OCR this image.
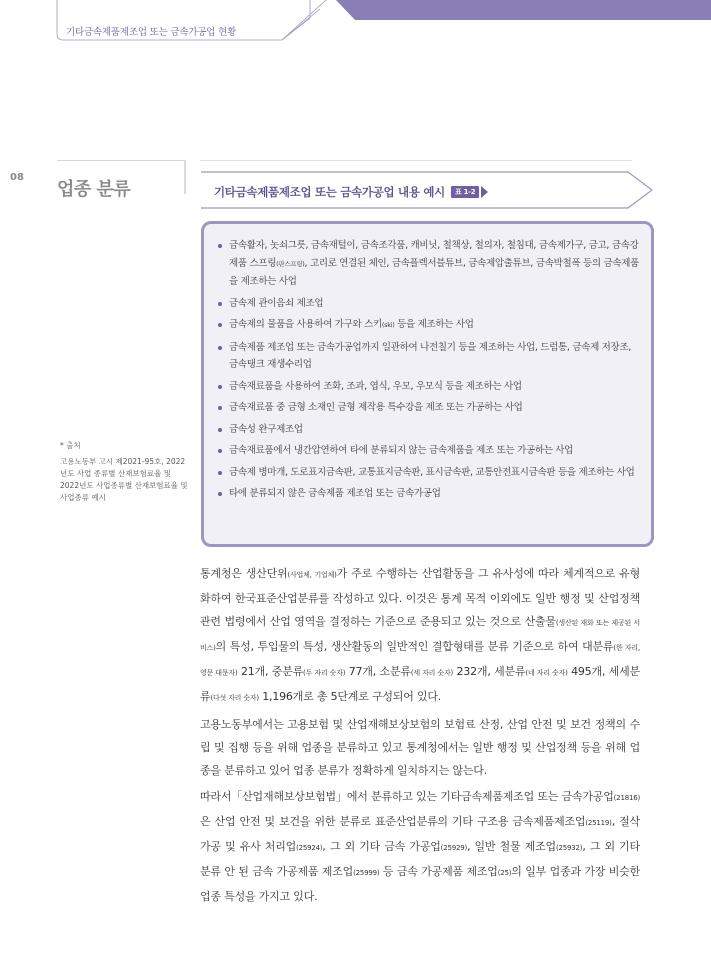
기타금속제품제조업 또는 금속가공업 현황
08
업종 분류	기타금속제품제조업 또는 금속가공업 내용 예시	표 1-2
금속활자, 놋쇠그릇, 금속재털이, 금속조각품, 캐비닛, 철책상, 철의자, 철침대, 금속제가구, 금고, 금속강제품 스프링(판스프링), 고리로 연결된 체인, 금속플렉서블튜브, 금속제압출튜브, 금속박철폭 등의 금속제품을 제조하는 사업
금속제 관이음쇠 제조업
금속제의 물품을 사용하여 가구와 스키(ski) 등을 제조하는 사업
금속제품 제조업 또는 금속가공업까지 일관하여 나전칠기 등을 제조하는 사업, 드럼통, 금속제 저장조, 금속탱크 재생수리업
금속재료품을 사용하여 조화, 조과, 엽식, 우모, 우모식 등을 제조하는 사업
금속재료품 중 금형 소재인 금형 제작용 특수강을 제조 또는 가공하는 사업
금속성 완구제조업
금속재료품에서 냉간압연하여 타에 분류되지 않는 금속제품을 제조 또는 가공하는 사업
금속제 병마개, 도로표지금속판, 교통표지금속판, 표시금속판, 교통안전표시금속판 등을 제조하는 사업
타에 분류되지 않은 금속제품 제조업 또는 금속가공업
* 출처
고용노동부 고시 제2021-95호, 2022년도 사업 종류별 산재보험료율 및 2022년도 사업종류별 산재보험료율 및 사업종류 예시

통계청은 생산단위(사업체, 기업체)가 주로 수행하는 산업활동을 그 유사성에 따라 체계적으로 유형화하여 한국표준산업분류를 작성하고 있다. 이것은 통계 목적 이외에도 일반 행정 및 산업정책 관련 법령에서 산업 영역을 결정하는 기준으로 준용되고 있는 것으로 산출물(생산된 재화 또는 제공된 서비스)의 특성, 투입물의 특성, 생산활동의 일반적인 결합형태를 분류 기준으로 하여 대분류(한 자리, 영문 대문자) 21개, 중분류(두 자리 숫자) 77개, 소분류(세 자리 숫자) 232개, 세분류(네 자리 숫자) 495개, 세세분류(다섯 자리 숫자) 1,196개로 총 5단계로 구성되어 있다.

고용노동부에서는 고용보험 및 산업재해보상보험의 보험료 산정, 산업 안전 및 보건 정책의 수립 및 집행 등을 위해 업종을 분류하고 있고 통계청에서는 일반 행정 및 산업정책 등을 위해 업종을 분류하고 있어 업종 분류가 정확하게 일치하지는 않는다.

따라서「산업재해보상보험법」에서 분류하고 있는 기타금속제품제조업 또는 금속가공업(21816)은 산업 안전 및 보건을 위한 분류로 표준산업분류의 기타 구조용 금속제품제조업(25119), 절삭 가공 및 유사 처리업(25924), 그 외 기타 금속 가공업(25929), 일반 철물 제조업(25932), 그 외 기타 분류 안 된 금속 가공제품 제조업(25999) 등 금속 가공제품 제조업(25)의 일부 업종과 가장 비슷한 업종 특성을 가지고 있다.
